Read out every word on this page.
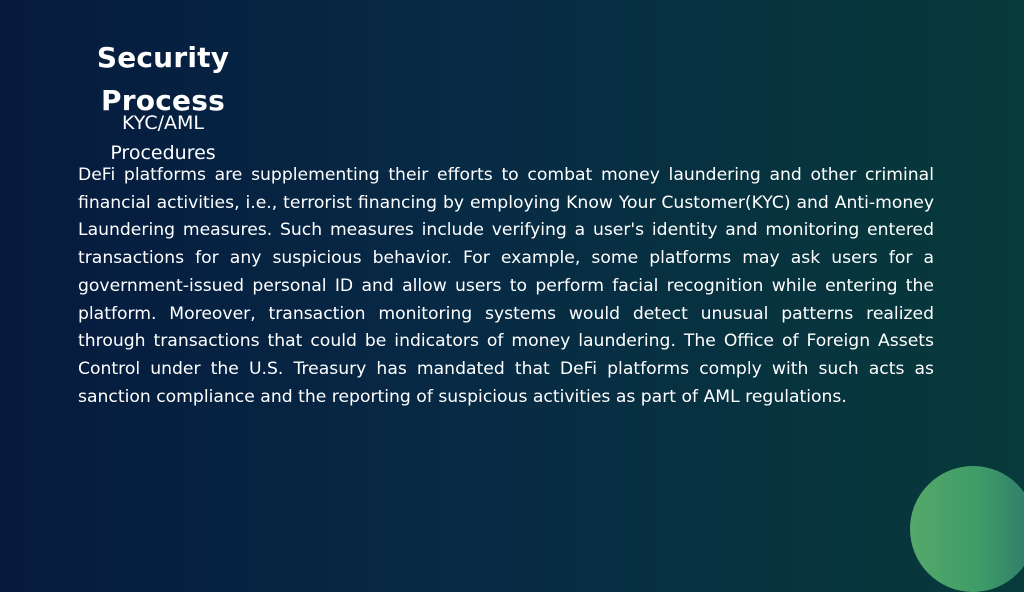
Security Process
KYC/AML Procedures
DeFi platforms are supplementing their efforts to combat money laundering and other criminal financial activities, i.e., terrorist financing by employing Know Your Customer(KYC) and Anti-money Laundering measures. Such measures include verifying a user's identity and monitoring entered transactions for any suspicious behavior. For example, some platforms may ask users for a government-issued personal ID and allow users to perform facial recognition while entering the platform. Moreover, transaction monitoring systems would detect unusual patterns realized through transactions that could be indicators of money laundering. The Office of Foreign Assets Control under the U.S. Treasury has mandated that DeFi platforms comply with such acts as sanction compliance and the reporting of suspicious activities as part of AML regulations.
